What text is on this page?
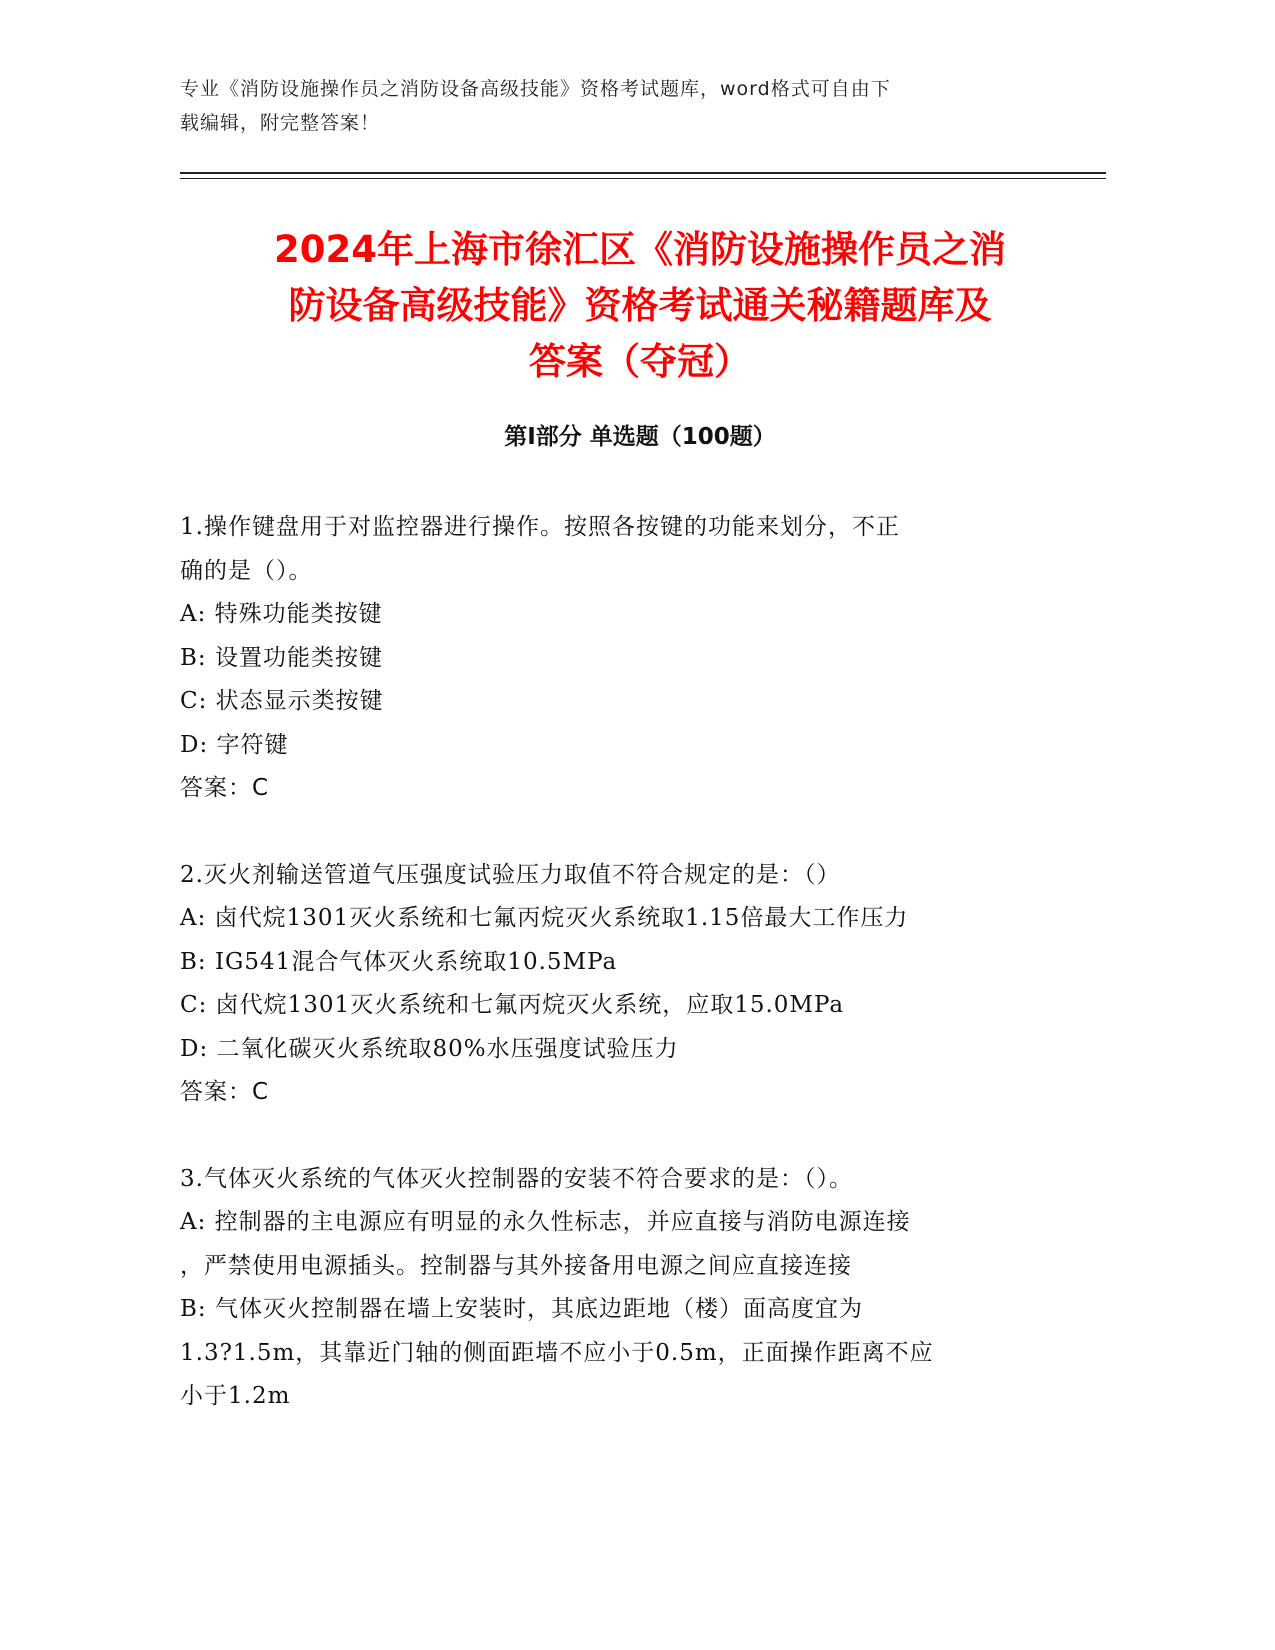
专业《消防设施操作员之消防设备高级技能》资格考试题库，word格式可自由下
载编辑，附完整答案！
2024年上海市徐汇区《消防设施操作员之消
防设备高级技能》资格考试通关秘籍题库及
答案（夺冠）
第Ⅰ部分 单选题（100题）
1.操作键盘用于对监控器进行操作。按照各按键的功能来划分，不正
确的是（）。
A: 特殊功能类按键
B: 设置功能类按键
C: 状态显示类按键
D: 字符键
答案：C
2.灭火剂输送管道气压强度试验压力取值不符合规定的是：（）
A: 卤代烷1301灭火系统和七氟丙烷灭火系统取1.15倍最大工作压力
B: IG541混合气体灭火系统取10.5MPa
C: 卤代烷1301灭火系统和七氟丙烷灭火系统，应取15.0MPa
D: 二氧化碳灭火系统取80%水压强度试验压力
答案：C
3.气体灭火系统的气体灭火控制器的安装不符合要求的是：（）。
A: 控制器的主电源应有明显的永久性标志，并应直接与消防电源连接
，严禁使用电源插头。控制器与其外接备用电源之间应直接连接
B: 气体灭火控制器在墙上安装时，其底边距地（楼）面高度宜为
1.3?1.5m，其靠近门轴的侧面距墙不应小于0.5m，正面操作距离不应
小于1.2m
